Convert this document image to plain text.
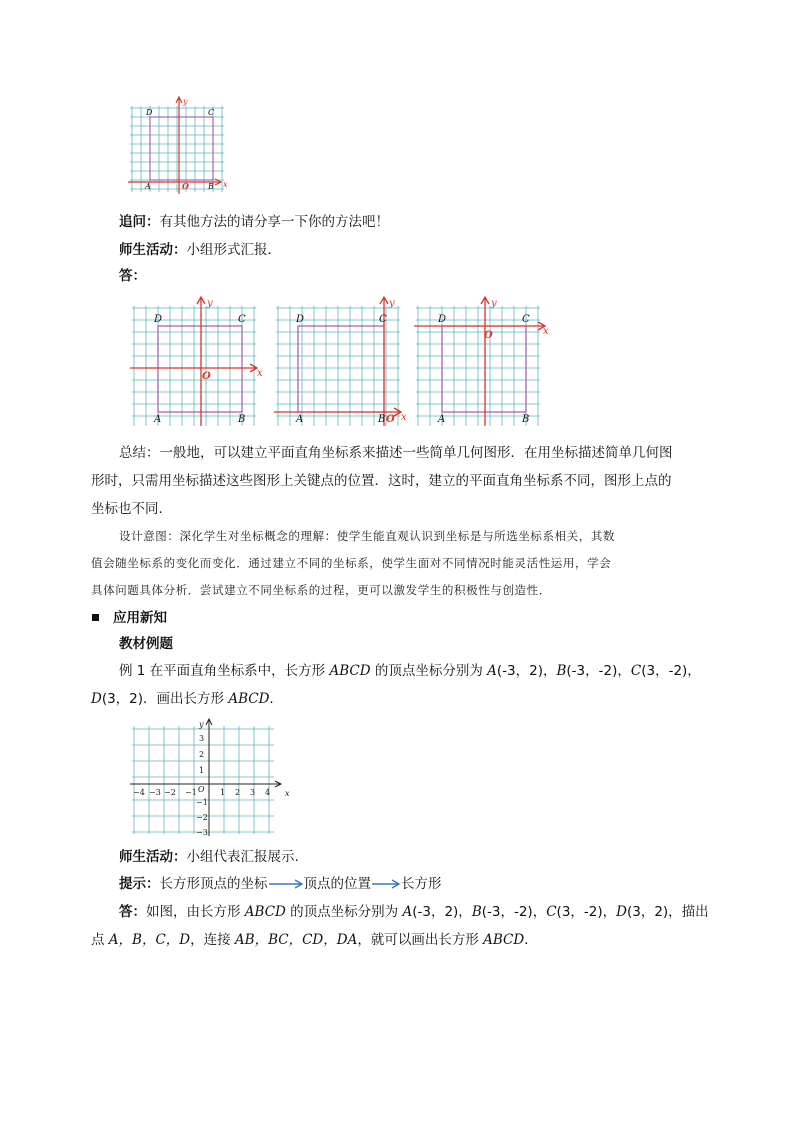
y
x
D	C
A	O B
追问：有其他方法的请分享一下你的方法吧！
师生活动：小组形式汇报．
答：
y
x
D	C
A	B
O
y
x
D	C
A	B O
y
x
D	C
A	B
O
总结：一般地，可以建立平面直角坐标系来描述一些简单几何图形．在用坐标描述简单几何图
形时，只需用坐标描述这些图形上关键点的位置．这时，建立的平面直角坐标系不同，图形上点的
坐标也不同．
设计意图：深化学生对坐标概念的理解：使学生能直观认识到坐标是与所选坐标系相关，其数
值会随坐标系的变化而变化．通过建立不同的坐标系，使学生面对不同情况时能灵活性运用，学会
具体问题具体分析．尝试建立不同坐标系的过程，更可以激发学生的积极性与创造性．
应用新知
教材例题
例 1 在平面直角坐标系中，长方形 ABCD 的顶点坐标分别为 A(-3，2)，B(-3，-2)，C(3，-2)，
D(3，2)．画出长方形 ABCD．
y
x
O
−4 −3 −2 −1	1 2 3 4
3
2
1
−1
−2
−3
师生活动：小组代表汇报展示.
提示：长方形顶点的坐标	顶点的位置 长方形
答：如图，由长方形 ABCD 的顶点坐标分别为 A(-3，2)，B(-3，-2)，C(3，-2)，D(3，2)，描出
点 A，B，C，D，连接 AB，BC，CD，DA，就可以画出长方形 ABCD．
